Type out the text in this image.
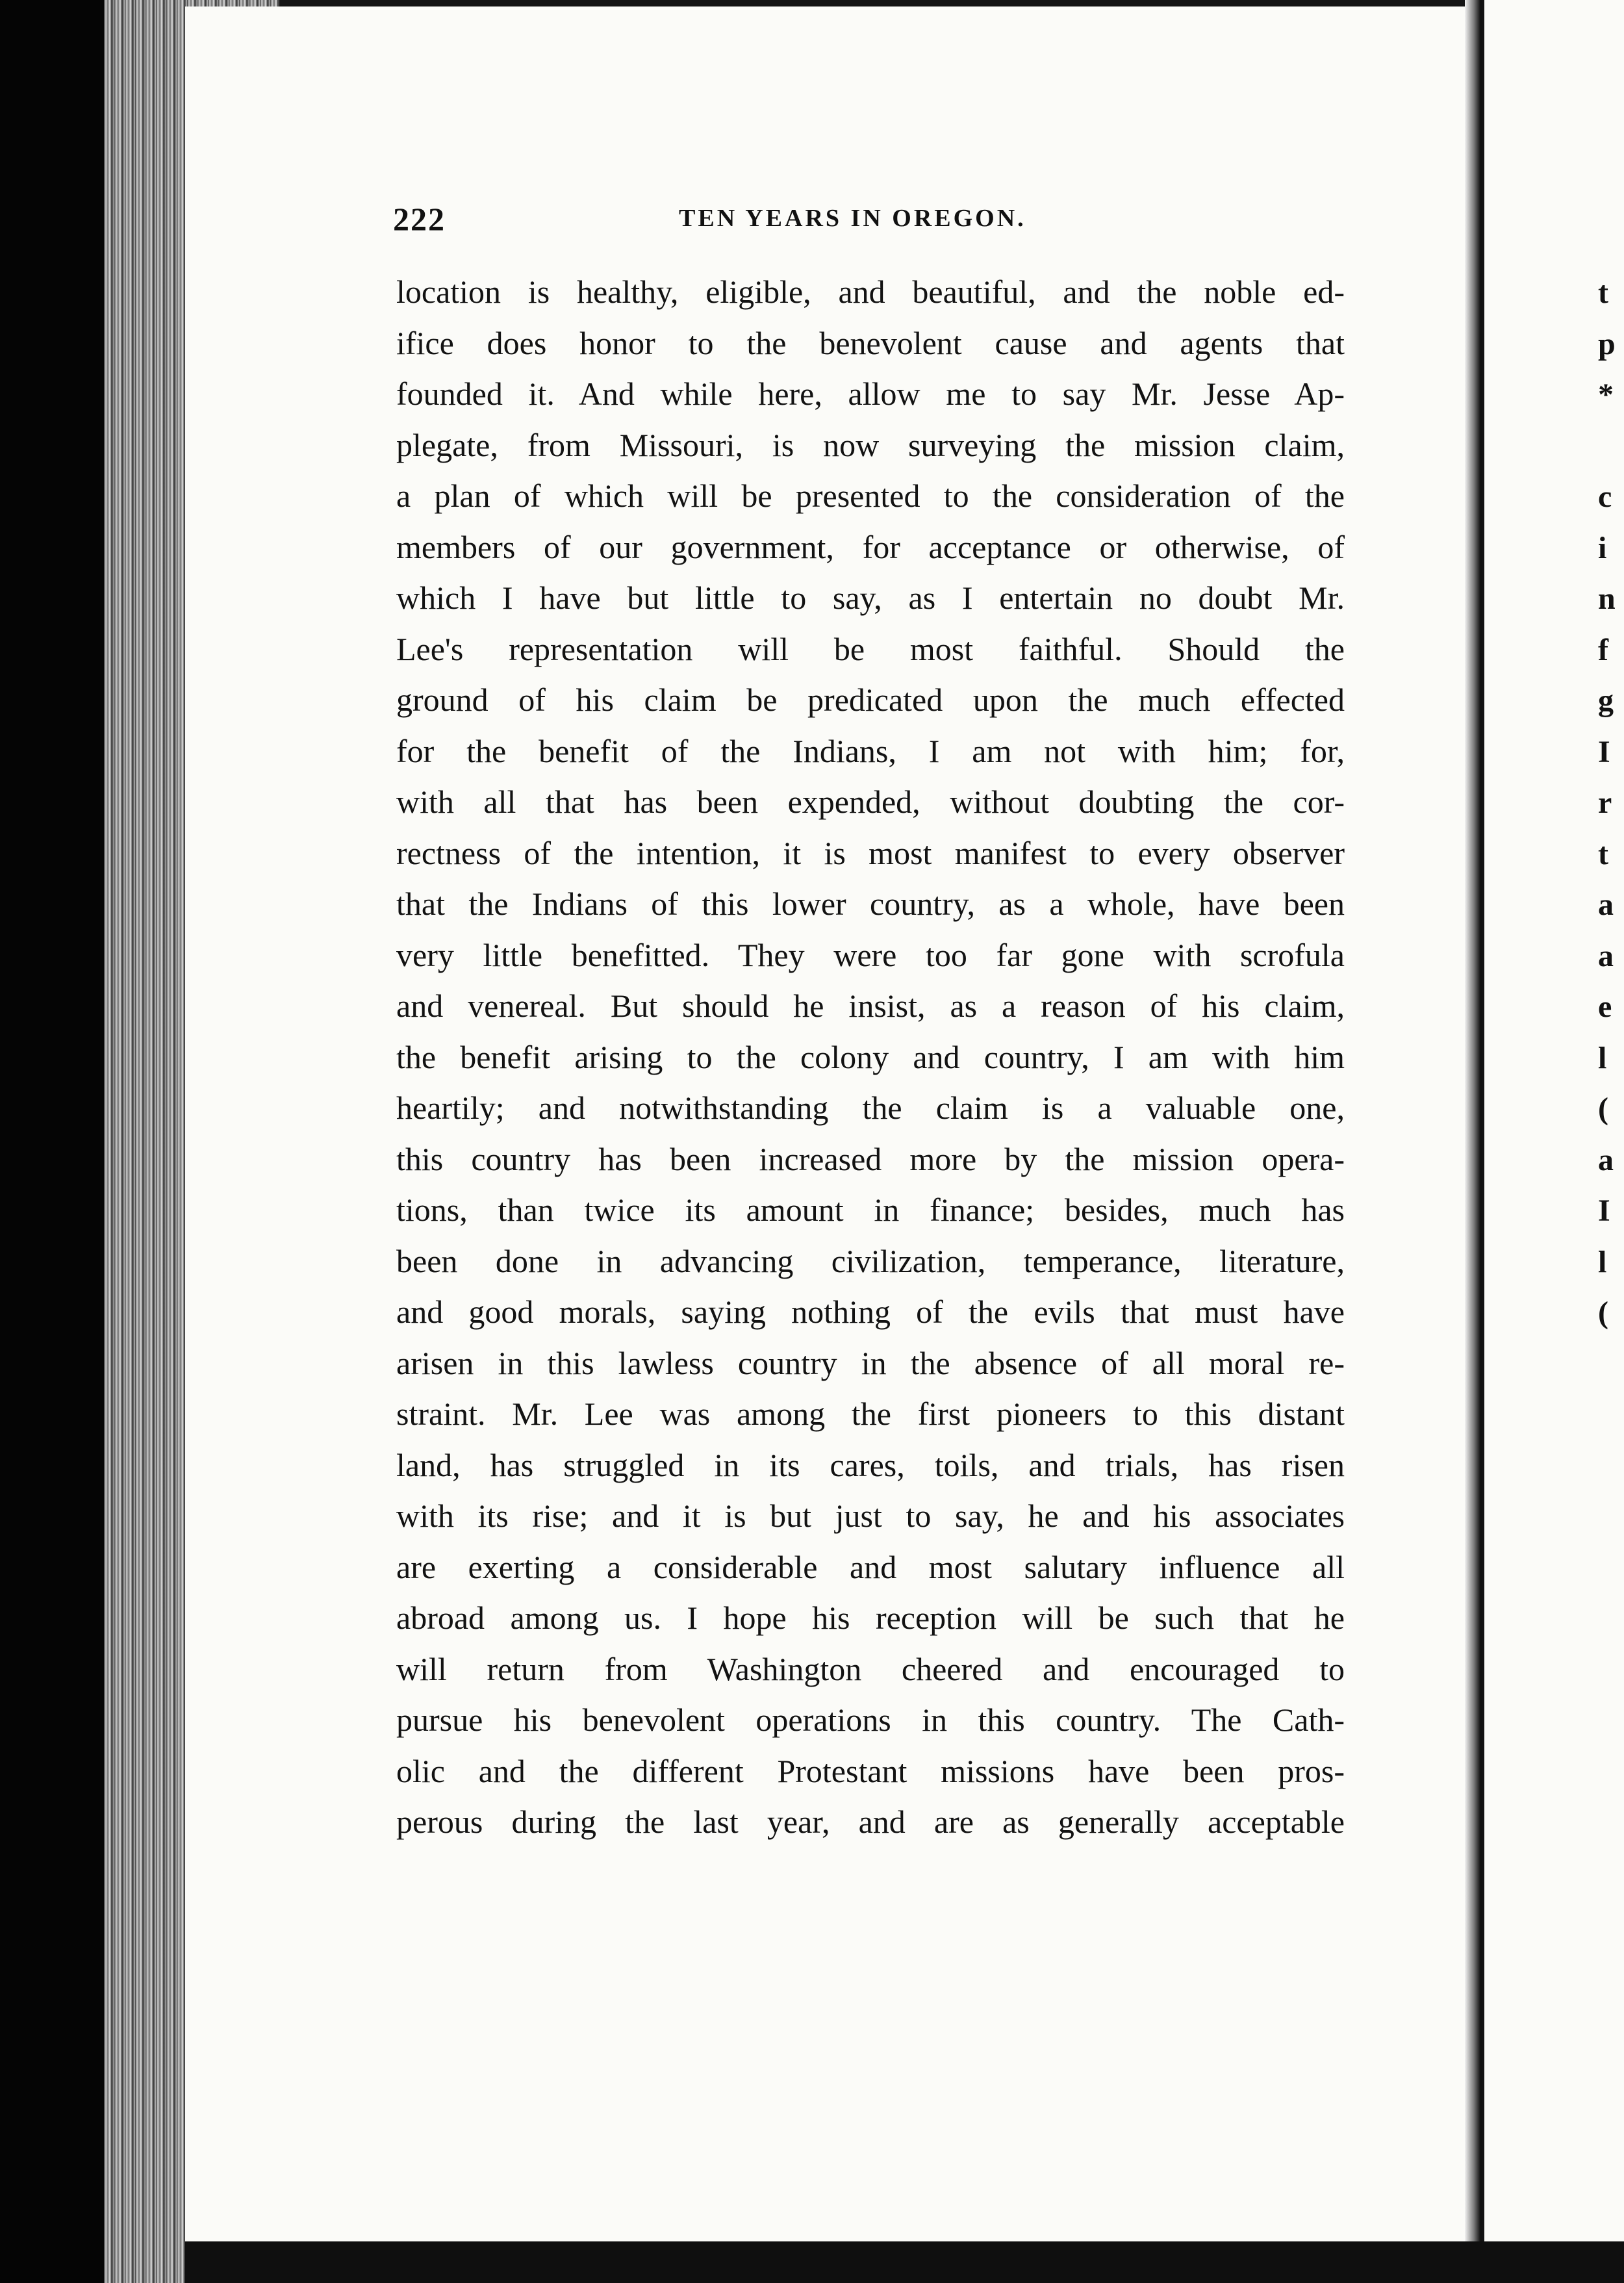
222	TEN YEARS IN OREGON.
location is healthy, eligible, and beautiful, and the noble ed-
ifice does honor to the benevolent cause and agents that
founded it. And while here, allow me to say Mr. Jesse Ap-
plegate, from Missouri, is now surveying the mission claim,
a plan of which will be presented to the consideration of the
members of our government, for acceptance or otherwise, of
which I have but little to say, as I entertain no doubt Mr.
Lee's representation will be most faithful. Should the
ground of his claim be predicated upon the much effected
for the benefit of the Indians, I am not with him; for,
with all that has been expended, without doubting the cor-
rectness of the intention, it is most manifest to every observer
that the Indians of this lower country, as a whole, have been
very little benefitted. They were too far gone with scrofula
and venereal. But should he insist, as a reason of his claim,
the benefit arising to the colony and country, I am with him
heartily; and notwithstanding the claim is a valuable one,
this country has been increased more by the mission opera-
tions, than twice its amount in finance; besides, much has
been done in advancing civilization, temperance, literature,
and good morals, saying nothing of the evils that must have
arisen in this lawless country in the absence of all moral re-
straint. Mr. Lee was among the first pioneers to this distant
land, has struggled in its cares, toils, and trials, has risen
with its rise; and it is but just to say, he and his associates
are exerting a considerable and most salutary influence all
abroad among us. I hope his reception will be such that he
will return from Washington cheered and encouraged to
pursue his benevolent operations in this country. The Cath-
olic and the different Protestant missions have been pros-
perous during the last year, and are as generally acceptable
t
p
*
c
i
n
f
g
I
r
t
a
a
e
l
(
a
I
l
(
